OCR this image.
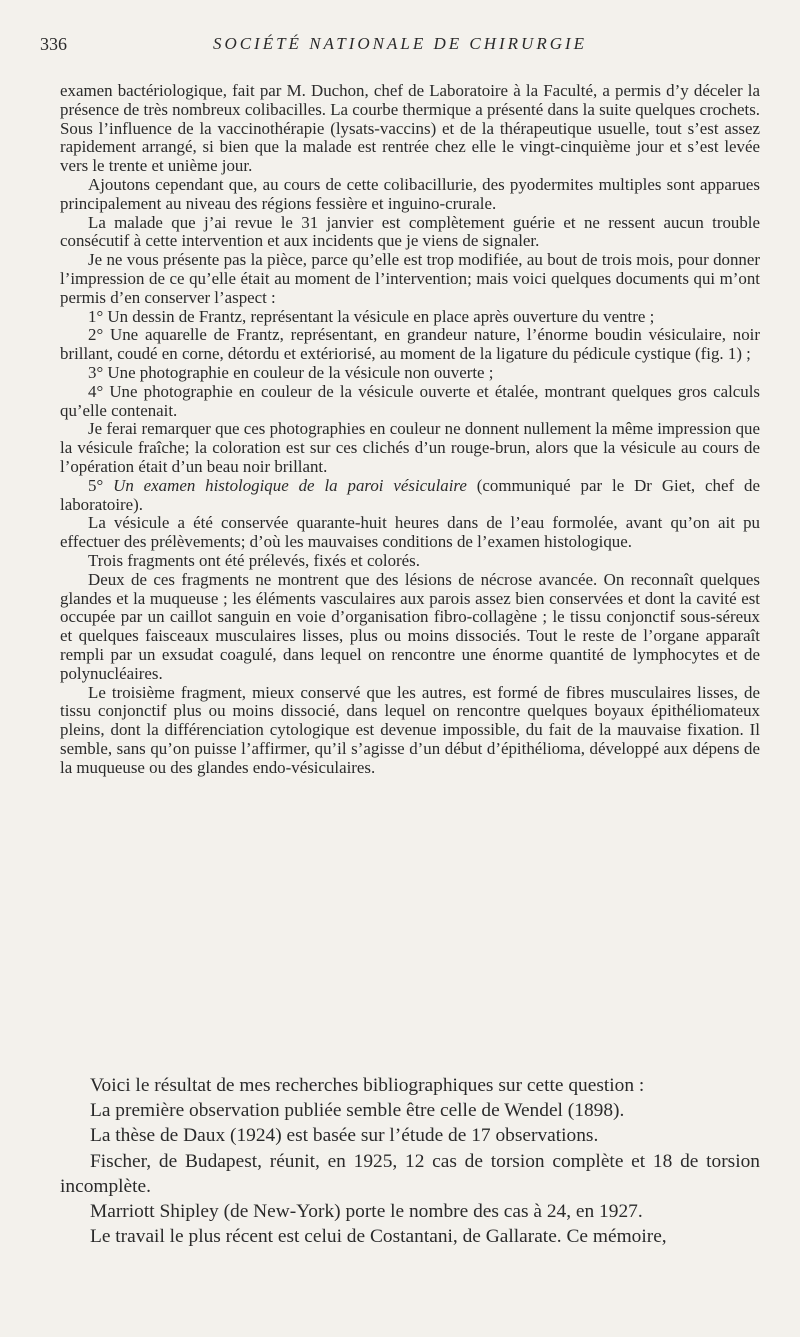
336	SOCIÉTÉ NATIONALE DE CHIRURGIE

examen bactériologique, fait par M. Duchon, chef de Laboratoire à la Faculté, a permis d’y déceler la présence de très nombreux colibacilles. La courbe thermique a présenté dans la suite quelques crochets. Sous l’influence de la vaccinothérapie (lysats-vaccins) et de la thérapeutique usuelle, tout s’est assez rapidement arrangé, si bien que la malade est rentrée chez elle le vingt-cinquième jour et s’est levée vers le trente et unième jour.

Ajoutons cependant que, au cours de cette colibacillurie, des pyodermites multiples sont apparues principalement au niveau des régions fessière et inguino-crurale.

La malade que j’ai revue le 31 janvier est complètement guérie et ne ressent aucun trouble consécutif à cette intervention et aux incidents que je viens de signaler.

Je ne vous présente pas la pièce, parce qu’elle est trop modifiée, au bout de trois mois, pour donner l’impression de ce qu’elle était au moment de l’intervention; mais voici quelques documents qui m’ont permis d’en conserver l’aspect :

1° Un dessin de Frantz, représentant la vésicule en place après ouverture du ventre ;

2° Une aquarelle de Frantz, représentant, en grandeur nature, l’énorme boudin vésiculaire, noir brillant, coudé en corne, détordu et extériorisé, au moment de la ligature du pédicule cystique (fig. 1) ;

3° Une photographie en couleur de la vésicule non ouverte ;

4° Une photographie en couleur de la vésicule ouverte et étalée, montrant quelques gros calculs qu’elle contenait.

Je ferai remarquer que ces photographies en couleur ne donnent nullement la même impression que la vésicule fraîche; la coloration est sur ces clichés d’un rouge-brun, alors que la vésicule au cours de l’opération était d’un beau noir brillant.

5° Un examen histologique de la paroi vésiculaire (communiqué par le Dr Giet, chef de laboratoire).

La vésicule a été conservée quarante-huit heures dans de l’eau formolée, avant qu’on ait pu effectuer des prélèvements; d’où les mauvaises conditions de l’examen histologique.

Trois fragments ont été prélevés, fixés et colorés.

Deux de ces fragments ne montrent que des lésions de nécrose avancée. On reconnaît quelques glandes et la muqueuse ; les éléments vasculaires aux parois assez bien conservées et dont la cavité est occupée par un caillot sanguin en voie d’organisation fibro-collagène ; le tissu conjonctif sous-séreux et quelques faisceaux musculaires lisses, plus ou moins dissociés. Tout le reste de l’organe apparaît rempli par un exsudat coagulé, dans lequel on rencontre une énorme quantité de lymphocytes et de polynucléaires.

Le troisième fragment, mieux conservé que les autres, est formé de fibres musculaires lisses, de tissu conjonctif plus ou moins dissocié, dans lequel on rencontre quelques boyaux épithéliomateux pleins, dont la différenciation cytologique est devenue impossible, du fait de la mauvaise fixation. Il semble, sans qu’on puisse l’affirmer, qu’il s’agisse d’un début d’épithélioma, développé aux dépens de la muqueuse ou des glandes endo-vésiculaires.

Voici le résultat de mes recherches bibliographiques sur cette question :

La première observation publiée semble être celle de Wendel (1898).

La thèse de Daux (1924) est basée sur l’étude de 17 observations.

Fischer, de Budapest, réunit, en 1925, 12 cas de torsion complète et 18 de torsion incomplète.

Marriott Shipley (de New-York) porte le nombre des cas à 24, en 1927.

Le travail le plus récent est celui de Costantani, de Gallarate. Ce mémoire,
